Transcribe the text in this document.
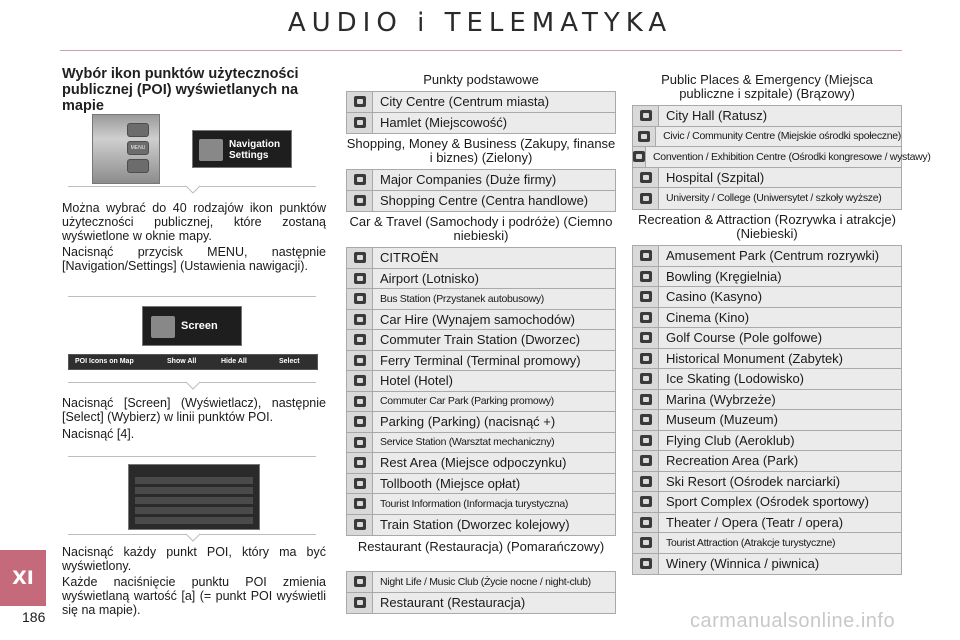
AUDIO i TELEMATYKA
Wybór ikon punktów użyteczności publicznej (POI) wyświetlanych na mapie
MENU	Navigation Settings
Można wybrać do 40 rodzajów ikon punktów użyteczności publicznej, które zostaną wyświetlone w oknie mapy.
Nacisnąć przycisk MENU, następnie [Navigation/Settings] (Ustawienia nawigacji).
Screen
POI Icons on Map	Show All	Hide All	Select
Nacisnąć [Screen] (Wyświetlacz), następnie [Select] (Wybierz) w linii punktów POI.
Nacisnąć [4].
Nacisnąć każdy punkt POI, który ma być wyświetlony.
Każde naciśnięcie punktu POI zmienia wyświetlaną wartość [a] (= punkt POI wyświetli się na mapie).
XI
186	carmanualsonline.info
Punkty podstawowe
City Centre (Centrum miasta)
Hamlet (Miejscowość)
Shopping, Money & Business (Zakupy, finanse i biznes) (Zielony)
Major Companies (Duże firmy)
Shopping Centre (Centra handlowe)
Car & Travel (Samochody i podróże) (Ciemno niebieski)
CITROËN
Airport (Lotnisko)
Bus Station (Przystanek autobusowy)
Car Hire (Wynajem samochodów)
Commuter Train Station (Dworzec)
Ferry Terminal (Terminal promowy)
Hotel (Hotel)
Commuter Car Park (Parking promowy)
Parking (Parking) (nacisnąć +)
Service Station (Warsztat mechaniczny)
Rest Area (Miejsce odpoczynku)
Tollbooth (Miejsce opłat)
Tourist Information (Informacja turystyczna)
Train Station (Dworzec kolejowy)
Restaurant (Restauracja) (Pomarańczowy)
Night Life / Music Club (Życie nocne / night-club)
Restaurant (Restauracja)
Public Places & Emergency (Miejsca publiczne i szpitale) (Brązowy)
City Hall (Ratusz)
Civic / Community Centre (Miejskie ośrodki społeczne)
Convention / Exhibition Centre (Ośrodki kongresowe / wystawy)
Hospital (Szpital)
University / College (Uniwersytet / szkoły wyższe)
Recreation & Attraction (Rozrywka i atrakcje) (Niebieski)
Amusement Park (Centrum rozrywki)
Bowling (Kręgielnia)
Casino (Kasyno)
Cinema (Kino)
Golf Course (Pole golfowe)
Historical Monument (Zabytek)
Ice Skating (Lodowisko)
Marina (Wybrzeże)
Museum (Muzeum)
Flying Club (Aeroklub)
Recreation Area (Park)
Ski Resort (Ośrodek narciarki)
Sport Complex (Ośrodek sportowy)
Theater / Opera (Teatr / opera)
Tourist Attraction (Atrakcje turystyczne)
Winery (Winnica / piwnica)
